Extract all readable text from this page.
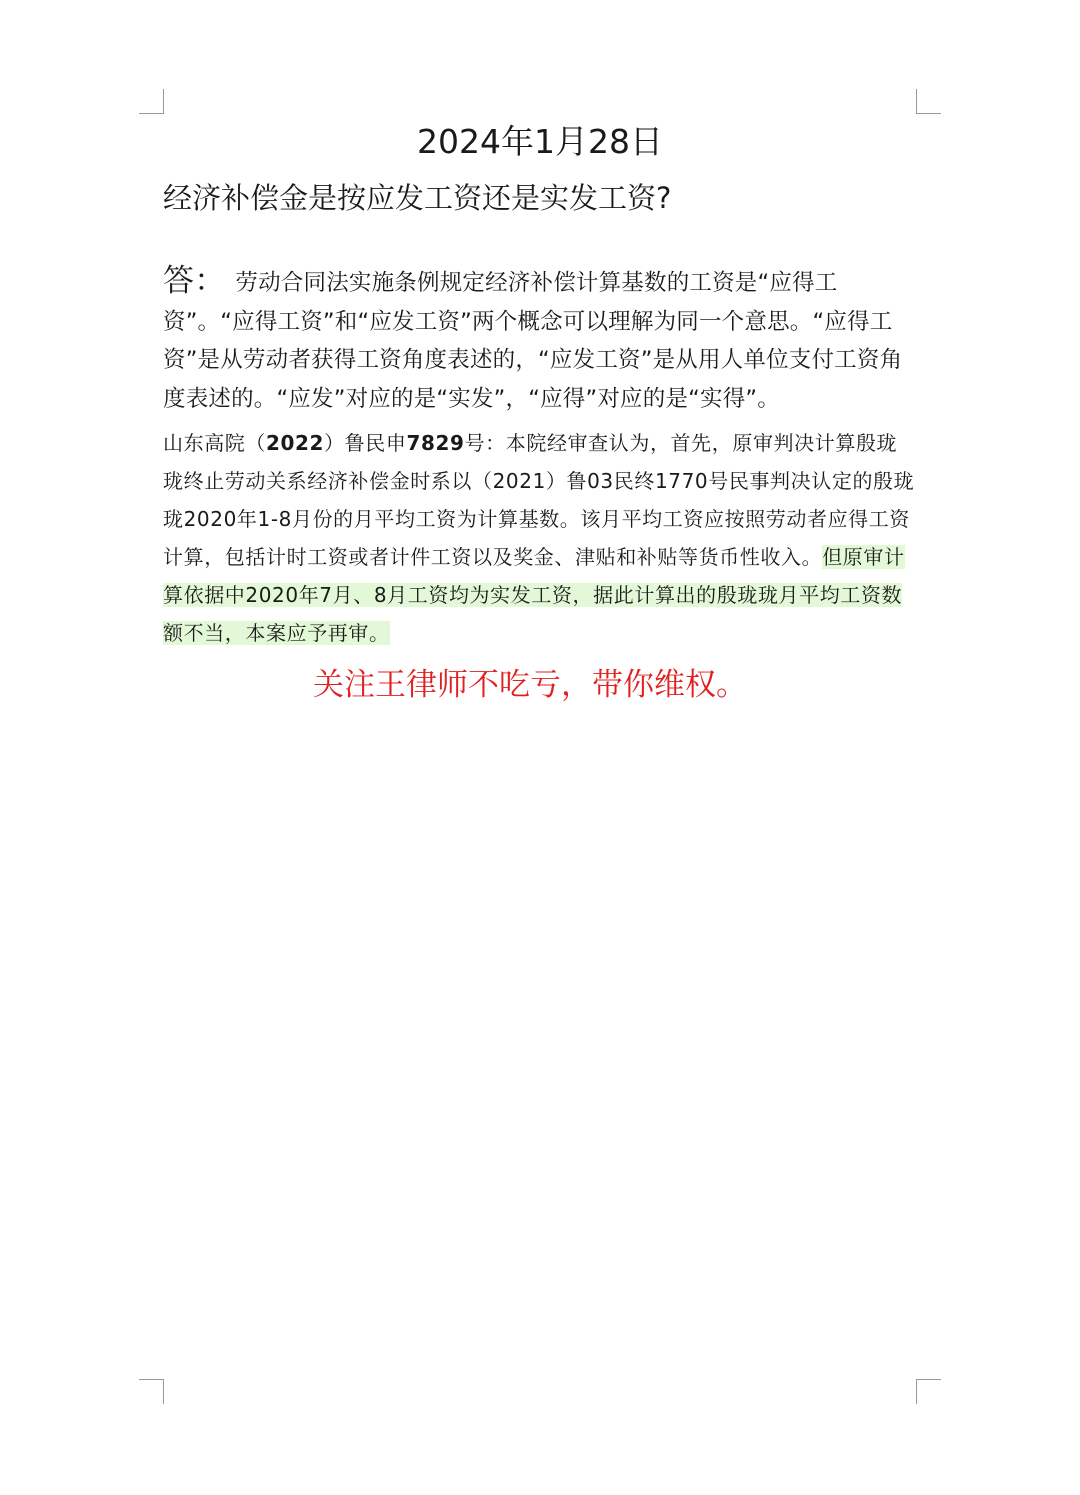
2024年1月28日
经济补偿金是按应发工资还是实发工资?
答： 劳动合同法实施条例规定经济补偿计算基数的工资是“应得工资”。“应得工资”和“应发工资”两个概念可以理解为同一个意思。“应得工资”是从劳动者获得工资角度表述的，“应发工资”是从用人单位支付工资角度表述的。“应发”对应的是“实发”，“应得”对应的是“实得”。
山东高院（2022）鲁民申7829号：本院经审查认为，首先，原审判决计算殷珑珑终止劳动关系经济补偿金时系以（2021）鲁03民终1770号民事判决认定的殷珑珑2020年1-8月份的月平均工资为计算基数。该月平均工资应按照劳动者应得工资计算，包括计时工资或者计件工资以及奖金、津贴和补贴等货币性收入。但原审计算依据中2020年7月、8月工资均为实发工资，据此计算出的殷珑珑月平均工资数额不当，本案应予再审。
关注王律师不吃亏，带你维权。
